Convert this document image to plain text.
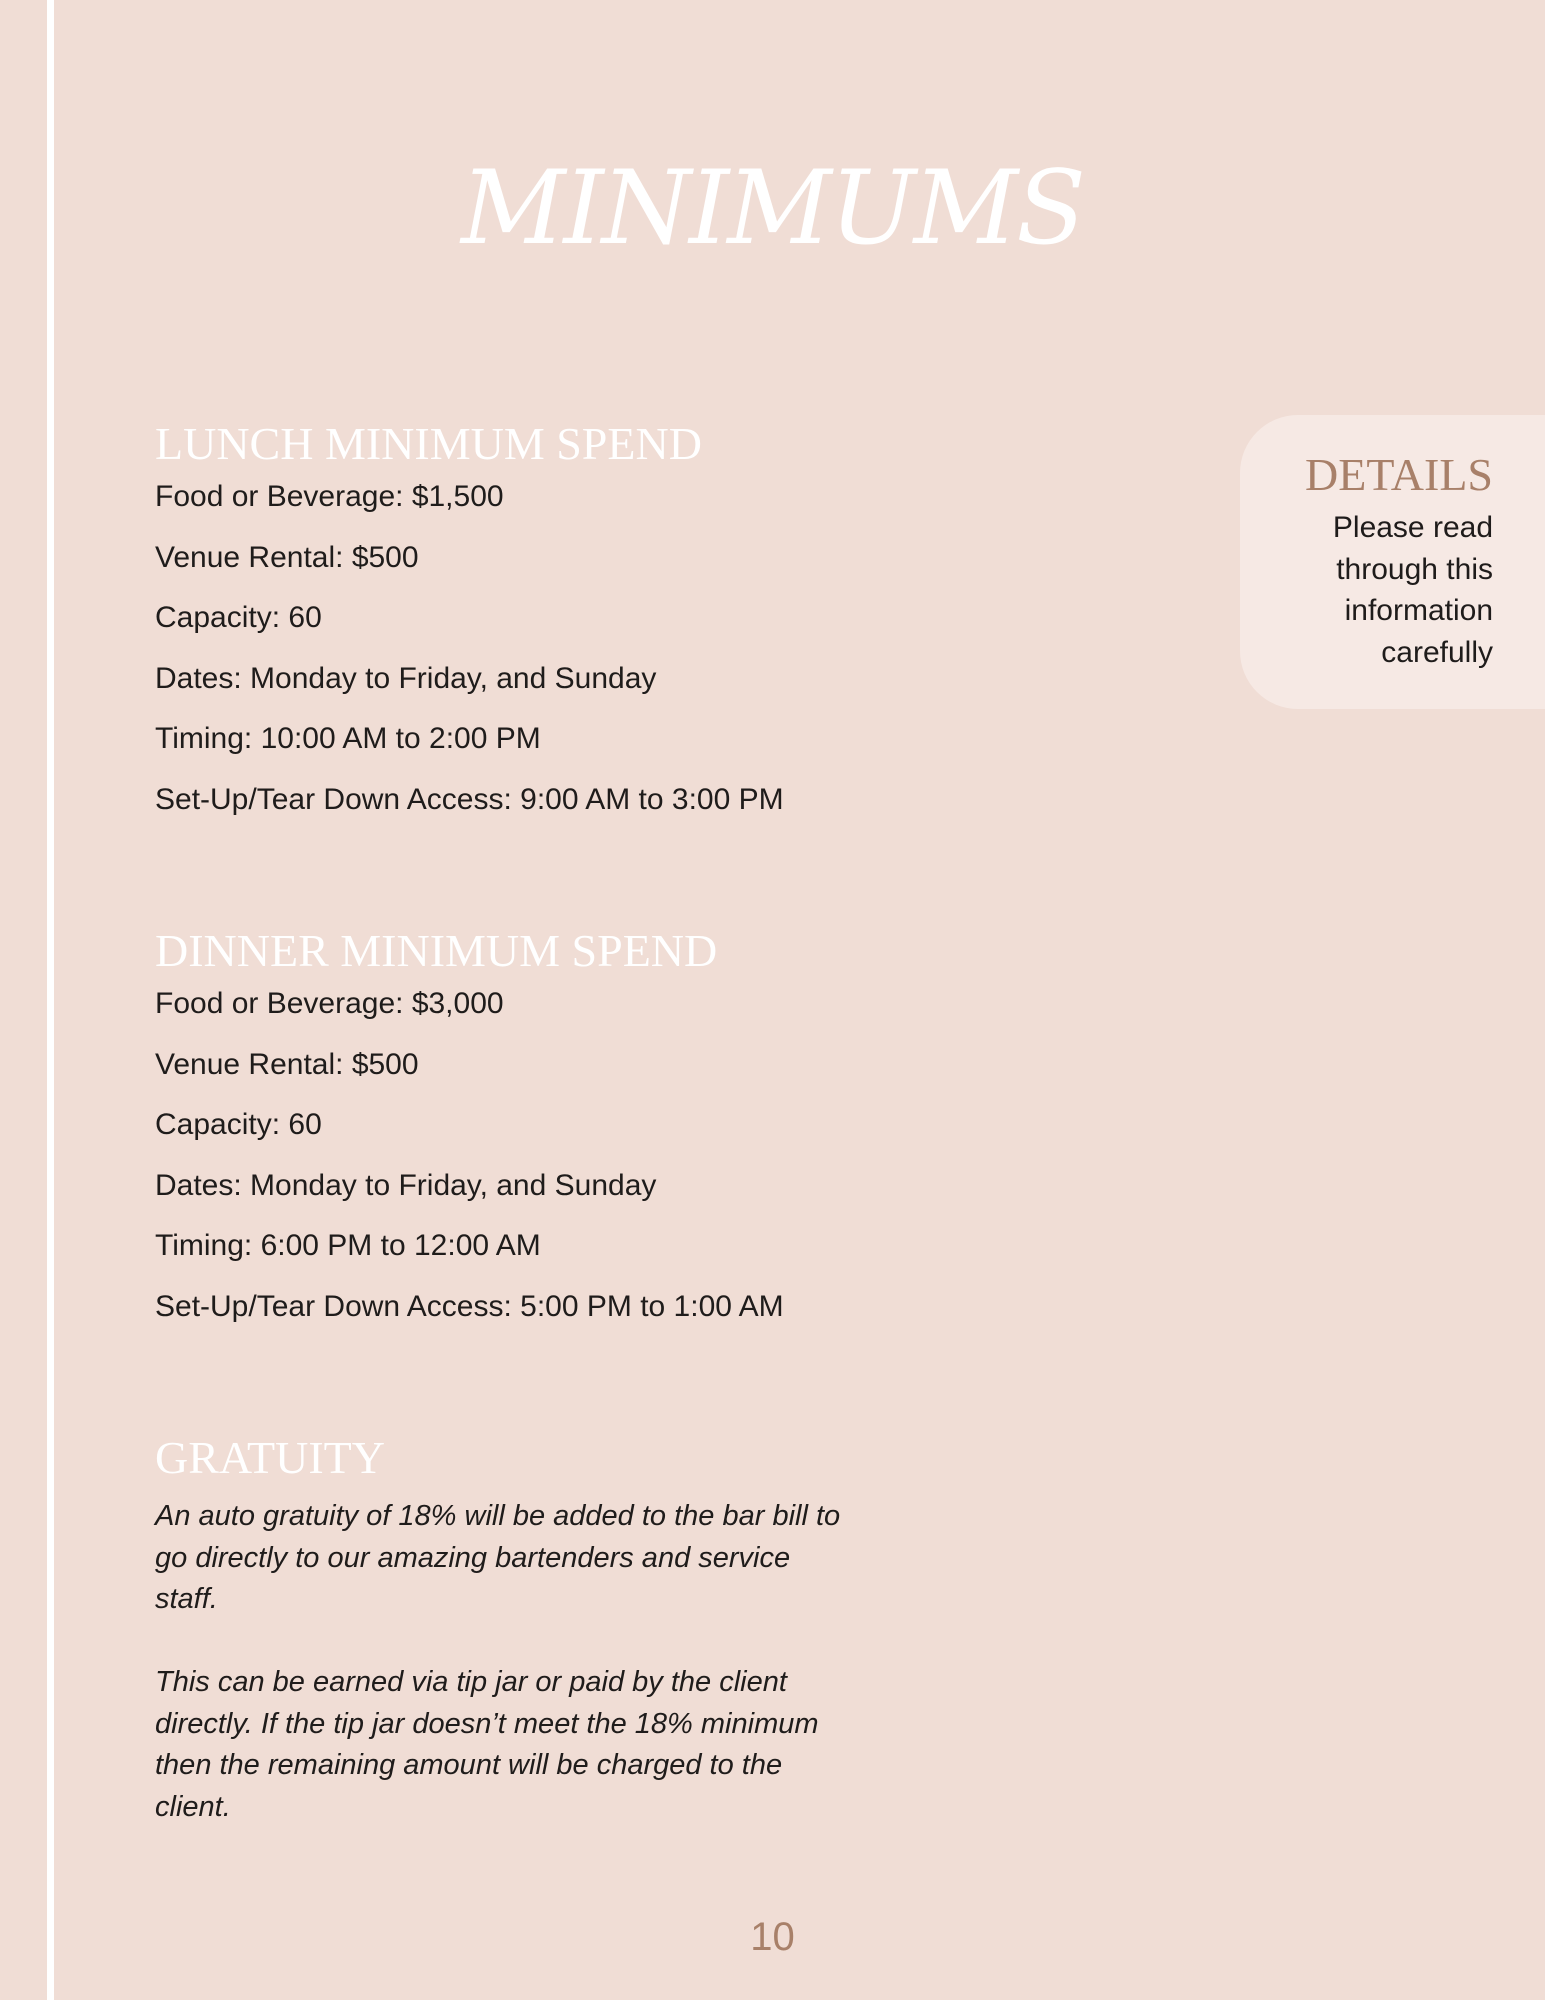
MINIMUMS
LUNCH MINIMUM SPEND
Food or Beverage: $1,500
Venue Rental: $500
Capacity: 60
Dates: Monday to Friday, and Sunday
Timing: 10:00 AM to 2:00 PM
Set-Up/Tear Down Access: 9:00 AM to 3:00 PM
DINNER MINIMUM SPEND
Food or Beverage: $3,000
Venue Rental: $500
Capacity: 60
Dates: Monday to Friday, and Sunday
Timing: 6:00 PM to 12:00 AM
Set-Up/Tear Down Access: 5:00 PM to 1:00 AM
GRATUITY

An auto gratuity of 18% will be added to the bar bill to go directly to our amazing bartenders and service staff.

This can be earned via tip jar or paid by the client directly. If the tip jar doesn’t meet the 18% minimum then the remaining amount will be charged to the client.

DETAILS

Please read through this information carefully

10
